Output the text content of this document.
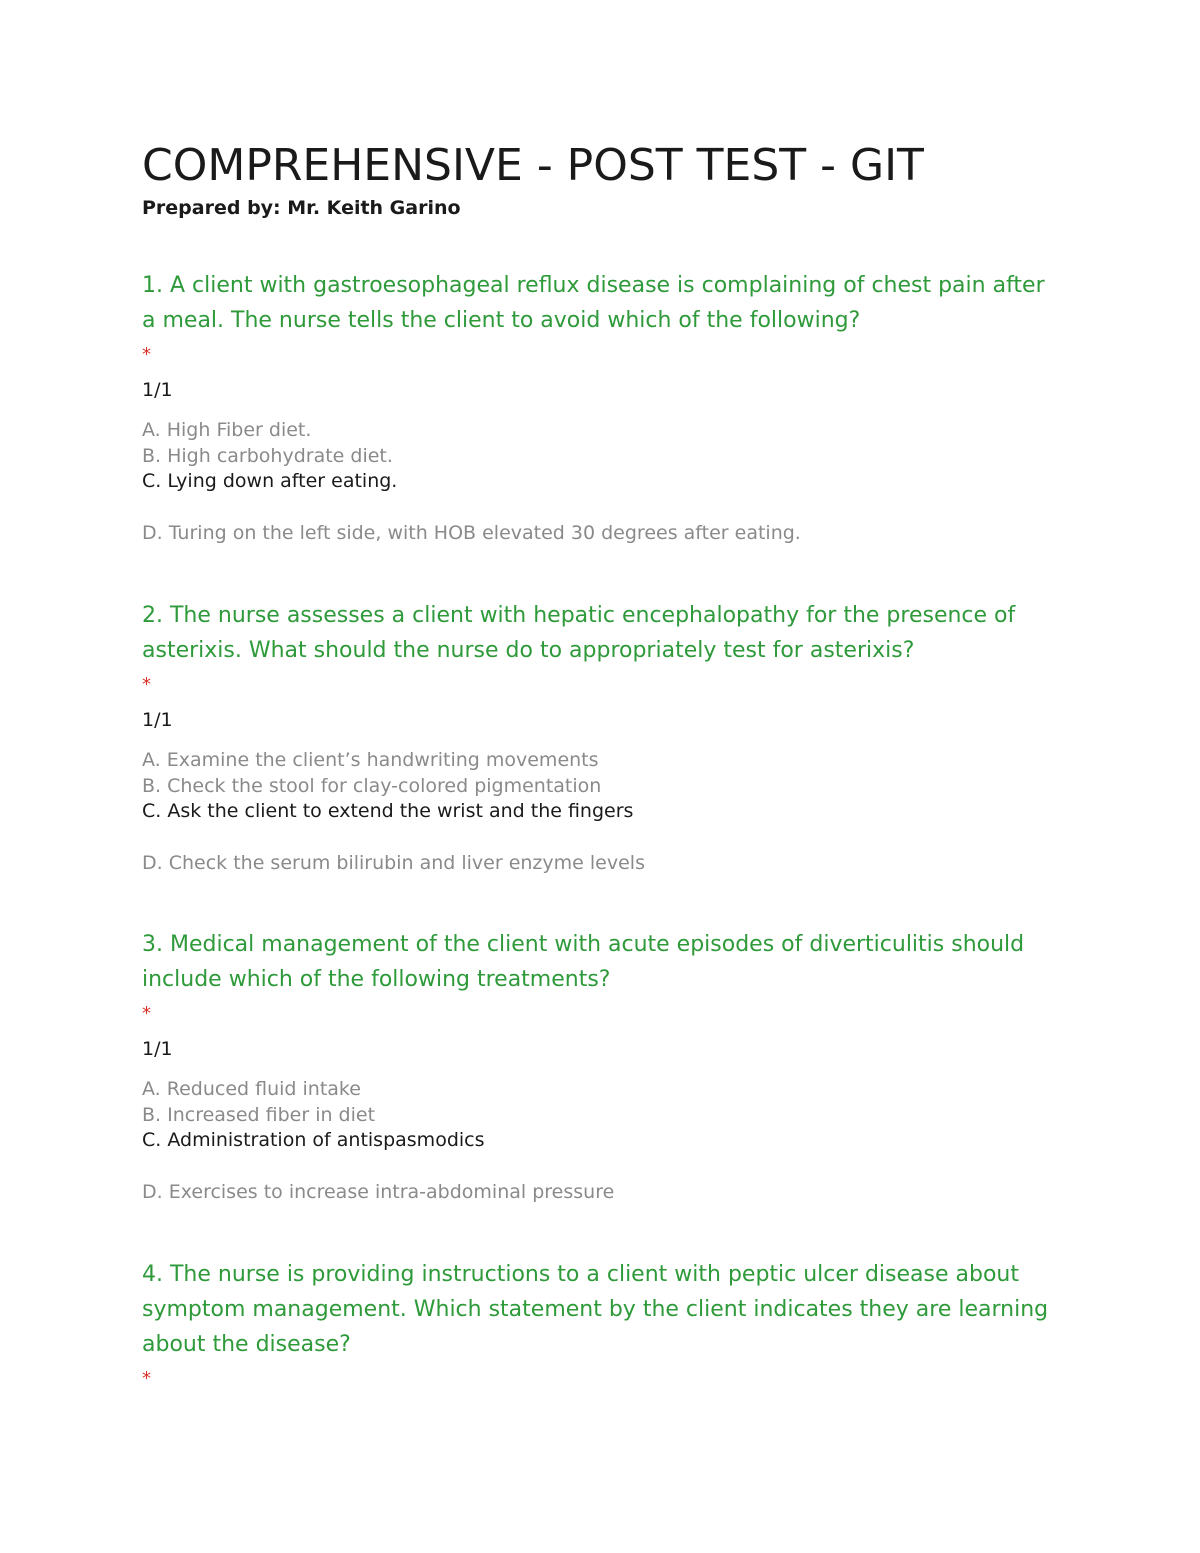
COMPREHENSIVE - POST TEST - GIT

Prepared by: Mr. Keith Garino

1. A client with gastroesophageal reflux disease is complaining of chest pain after a meal. The nurse tells the client to avoid which of the following?

*

1/1

A. High Fiber diet.
B. High carbohydrate diet.
C. Lying down after eating.
D. Turing on the left side, with HOB elevated 30 degrees after eating.

2. The nurse assesses a client with hepatic encephalopathy for the presence of asterixis. What should the nurse do to appropriately test for asterixis?

*

1/1

A. Examine the client’s handwriting movements
B. Check the stool for clay-colored pigmentation
C. Ask the client to extend the wrist and the fingers
D. Check the serum bilirubin and liver enzyme levels

3. Medical management of the client with acute episodes of diverticulitis should include which of the following treatments?

*

1/1

A. Reduced fluid intake
B. Increased fiber in diet
C. Administration of antispasmodics
D. Exercises to increase intra-abdominal pressure

4. The nurse is providing instructions to a client with peptic ulcer disease about symptom management. Which statement by the client indicates they are learning about the disease?

*
